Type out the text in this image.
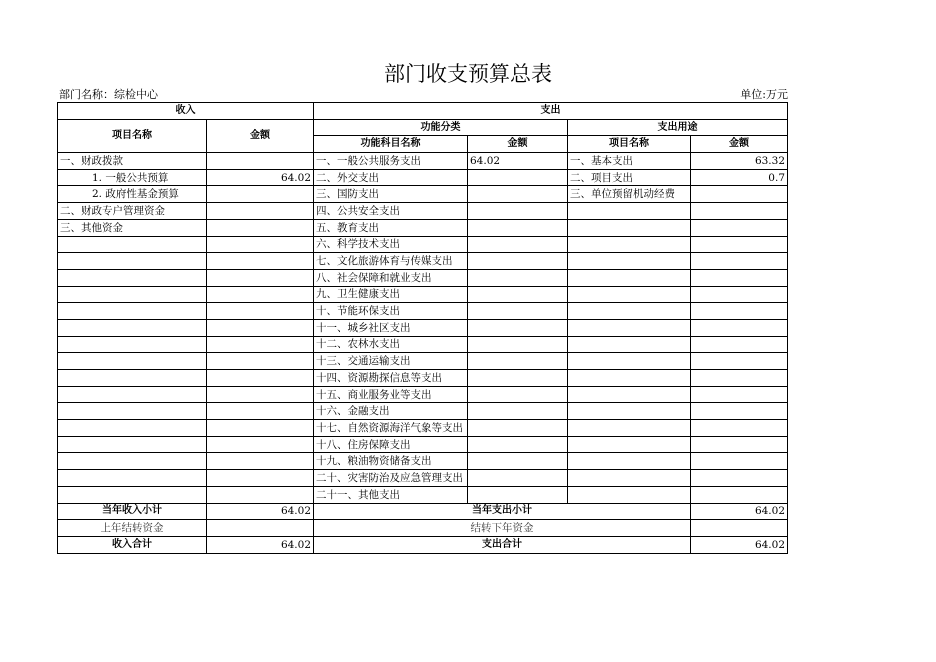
部门收支预算总表
部门名称：综检中心	单位:万元
收入		支出			
项目名称	金额	功能分类		支出用途	
		功能科目名称	金额	项目名称	金额
一、财政拨款		一、一般公共服务支出	64.02	一、基本支出	63.32
1. 一般公共预算	64.02	二、外交支出		二、项目支出	0.7
2. 政府性基金预算		三、国防支出		三、单位预留机动经费	
二、财政专户管理资金		四、公共安全支出			
三、其他资金		五、教育支出			
		六、科学技术支出			
		七、文化旅游体育与传媒支出			
		八、社会保障和就业支出			
		九、卫生健康支出			
		十、节能环保支出			
		十一、城乡社区支出			
		十二、农林水支出			
		十三、交通运输支出			
		十四、资源勘探信息等支出			
		十五、商业服务业等支出			
		十六、金融支出			
		十七、自然资源海洋气象等支出			
		十八、住房保障支出			
		十九、粮油物资储备支出			
		二十、灾害防治及应急管理支出			
		二十一、其他支出			
当年收入小计	64.02	当年支出小计			64.02
上年结转资金		结转下年资金			
收入合计	64.02	支出合计			64.02
